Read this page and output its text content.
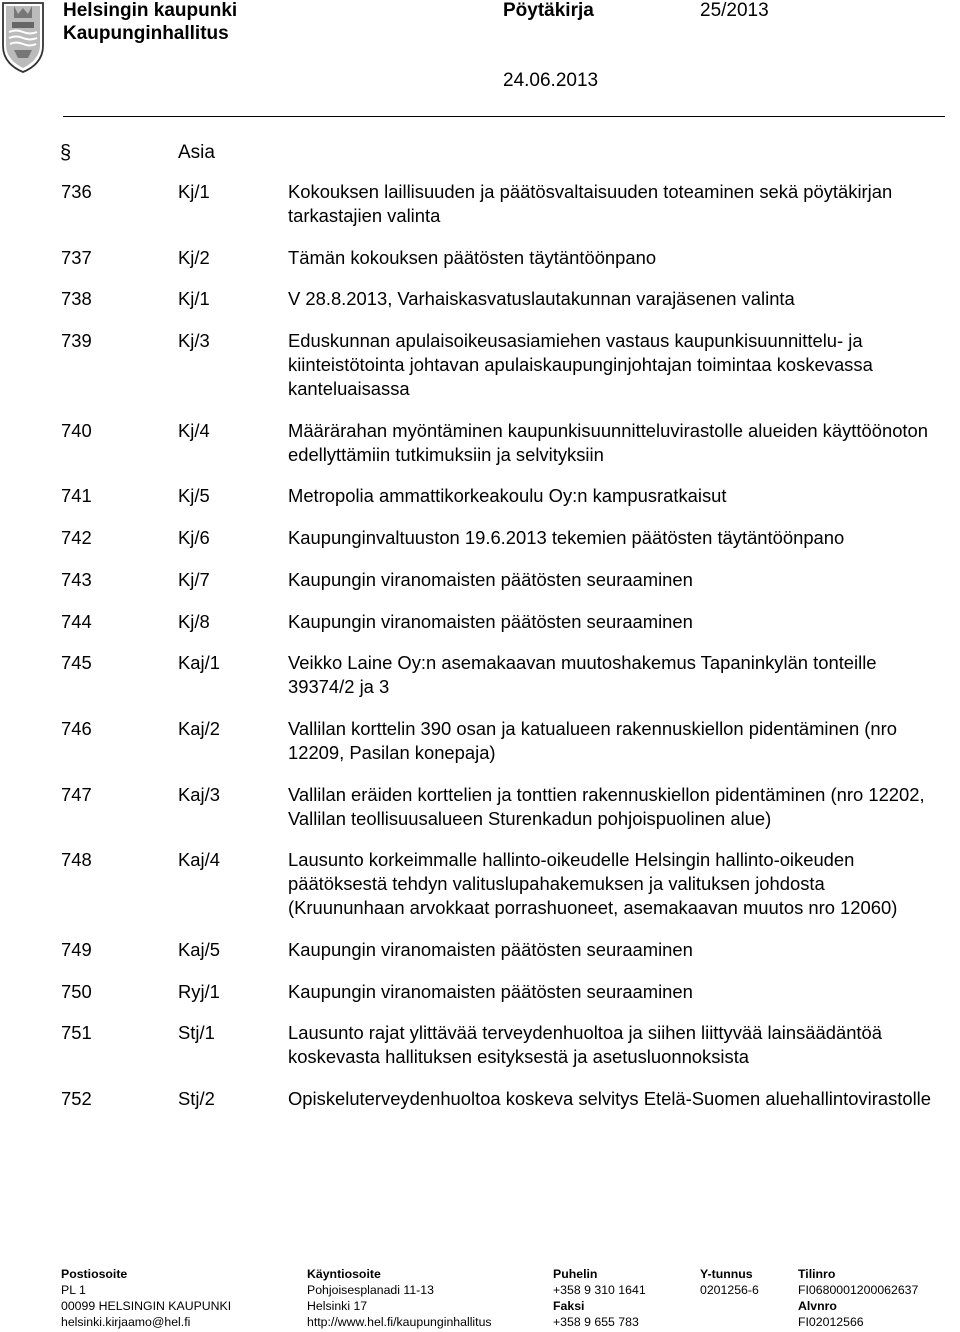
Helsingin kaupunki
Kaupunginhallitus
Pöytäkirja	25/2013
24.06.2013
§	Asia
736	Kj/1	Kokouksen laillisuuden ja päätösvaltaisuuden toteaminen sekä pöytäkirjan tarkastajien valinta
737	Kj/2	Tämän kokouksen päätösten täytäntöönpano
738	Kj/1	V 28.8.2013, Varhaiskasvatuslautakunnan varajäsenen valinta
739	Kj/3	Eduskunnan apulaisoikeusasiamiehen vastaus kaupunkisuunnittelu- ja kiinteistötointa johtavan apulaiskaupunginjohtajan toimintaa koskevassa kanteluaisassa
740	Kj/4	Määrärahan myöntäminen kaupunkisuunnitteluvirastolle alueiden käyttöönoton edellyttämiin tutkimuksiin ja selvityksiin
741	Kj/5	Metropolia ammattikorkeakoulu Oy:n kampusratkaisut
742	Kj/6	Kaupunginvaltuuston 19.6.2013 tekemien päätösten täytäntöönpano
743	Kj/7	Kaupungin viranomaisten päätösten seuraaminen
744	Kj/8	Kaupungin viranomaisten päätösten seuraaminen
745	Kaj/1	Veikko Laine Oy:n asemakaavan muutoshakemus Tapaninkylän tonteille 39374/2 ja 3
746	Kaj/2	Vallilan korttelin 390 osan ja katualueen rakennuskiellon pidentäminen (nro 12209, Pasilan konepaja)
747	Kaj/3	Vallilan eräiden korttelien ja tonttien rakennuskiellon pidentäminen (nro 12202, Vallilan teollisuusalueen Sturenkadun pohjoispuolinen alue)
748	Kaj/4	Lausunto korkeimmalle hallinto-oikeudelle Helsingin hallinto-oikeuden päätöksestä tehdyn valituslupahakemuksen ja valituksen johdosta (Kruununhaan arvokkaat porrashuoneet, asemakaavan muutos nro 12060)
749	Kaj/5	Kaupungin viranomaisten päätösten seuraaminen
750	Ryj/1	Kaupungin viranomaisten päätösten seuraaminen
751	Stj/1	Lausunto rajat ylittävää terveydenhuoltoa ja siihen liittyvää lainsäädäntöä koskevasta hallituksen esityksestä ja asetusluonnoksista
752	Stj/2	Opiskeluterveydenhuoltoa koskeva selvitys Etelä-Suomen aluehallintovirastolle
Postiosoite
PL 1
00099 HELSINGIN KAUPUNKI
helsinki.kirjaamo@hel.fi
Käyntiosoite
Pohjoisesplanadi 11-13
Helsinki 17
http://www.hel.fi/kaupunginhallitus
Puhelin
+358 9 310 1641
Faksi
+358 9 655 783
Y-tunnus
0201256-6
Tilinro
FI0680001200062637
Alvnro
FI02012566
